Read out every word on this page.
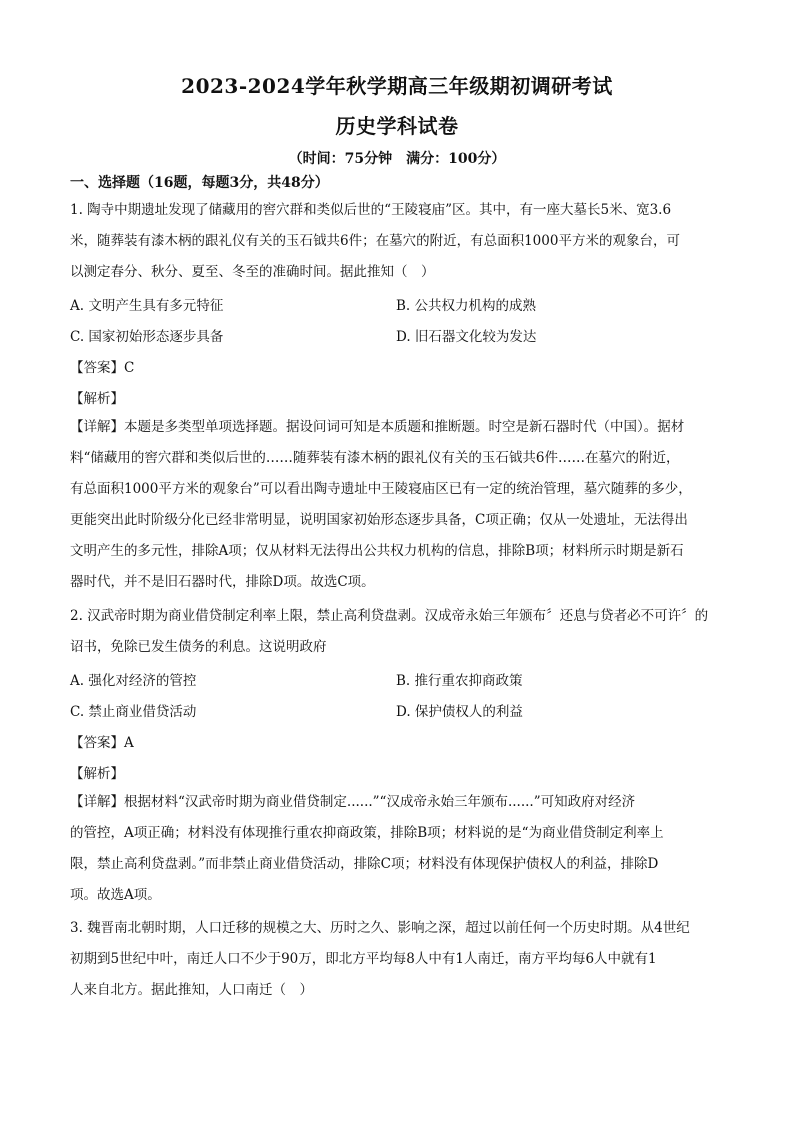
2023-2024学年秋学期高三年级期初调研考试
历史学科试卷
（时间：75分钟　满分：100分）
一、选择题（16题，每题3分，共48分）
1. 陶寺中期遗址发现了储藏用的窖穴群和类似后世的“王陵寝庙”区。其中，有一座大墓长5米、宽3.6
米，随葬装有漆木柄的跟礼仪有关的玉石钺共6件；在墓穴的附近，有总面积1000平方米的观象台，可
以测定春分、秋分、夏至、冬至的准确时间。据此推知（　）
A. 文明产生具有多元特征	B. 公共权力机构的成熟
C. 国家初始形态逐步具备	D. 旧石器文化较为发达
【答案】C
【解析】
【详解】本题是多类型单项选择题。据设问词可知是本质题和推断题。时空是新石器时代（中国）。据材
料“储藏用的窖穴群和类似后世的……随葬装有漆木柄的跟礼仪有关的玉石钺共6件……在墓穴的附近，
有总面积1000平方米的观象台”可以看出陶寺遗址中王陵寝庙区已有一定的统治管理，墓穴随葬的多少，
更能突出此时阶级分化已经非常明显，说明国家初始形态逐步具备，C项正确；仅从一处遗址，无法得出
文明产生的多元性，排除A项；仅从材料无法得出公共权力机构的信息，排除B项；材料所示时期是新石
器时代，并不是旧石器时代，排除D项。故选C项。
2. 汉武帝时期为商业借贷制定利率上限，禁止高利贷盘剥。汉成帝永始三年颁布〞还息与贷者必不可许〞的
诏书，免除已发生债务的利息。这说明政府
A. 强化对经济的管控	B. 推行重农抑商政策
C. 禁止商业借贷活动	D. 保护债权人的利益
【答案】A
【解析】
【详解】根据材料“汉武帝时期为商业借贷制定......”“汉成帝永始三年颁布......”可知政府对经济
的管控，A项正确；材料没有体现推行重农抑商政策，排除B项；材料说的是“为商业借贷制定利率上
限，禁止高利贷盘剥。”而非禁止商业借贷活动，排除C项；材料没有体现保护债权人的利益，排除D
项。故选A项。
3. 魏晋南北朝时期，人口迁移的规模之大、历时之久、影响之深，超过以前任何一个历史时期。从4世纪
初期到5世纪中叶，南迁人口不少于90万，即北方平均每8人中有1人南迁，南方平均每6人中就有1
人来自北方。据此推知，人口南迁（　）
